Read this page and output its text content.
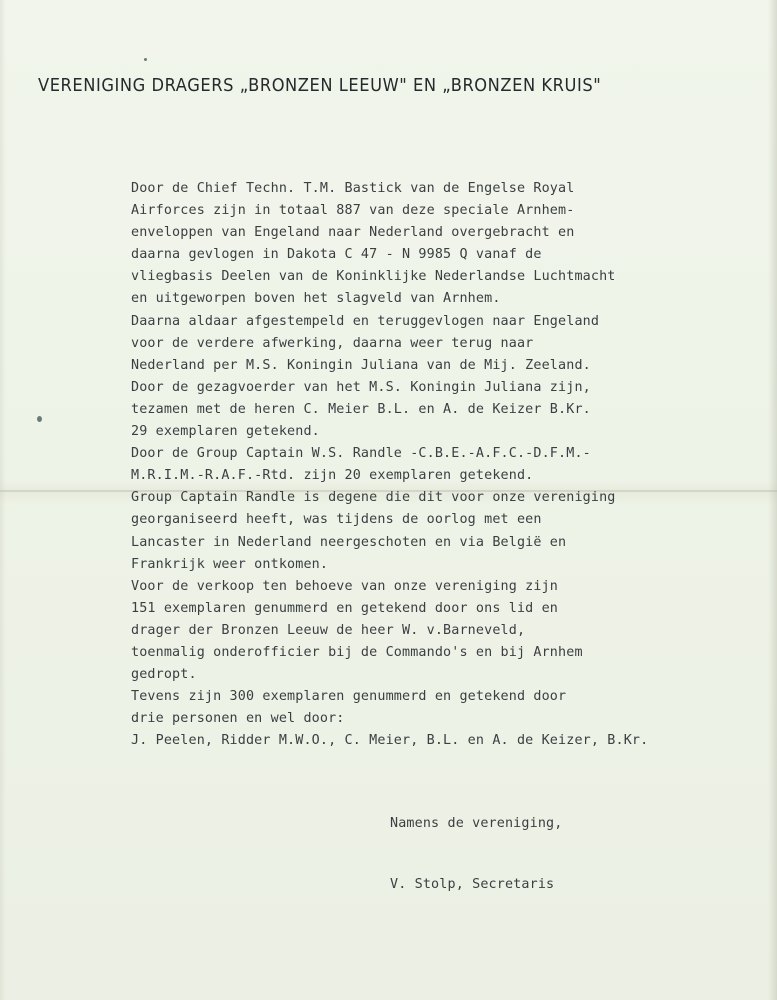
VERENIGING DRAGERS „BRONZEN LEEUW" EN „BRONZEN KRUIS"
Door de Chief Techn. T.M. Bastick van de Engelse Royal
Airforces zijn in totaal 887 van deze speciale Arnhem-
enveloppen van Engeland naar Nederland overgebracht en
daarna gevlogen in Dakota C 47 - N 9985 Q vanaf de
vliegbasis Deelen van de Koninklijke Nederlandse Luchtmacht
en uitgeworpen boven het slagveld van Arnhem.
Daarna aldaar afgestempeld en teruggevlogen naar Engeland
voor de verdere afwerking, daarna weer terug naar
Nederland per M.S. Koningin Juliana van de Mij. Zeeland.
Door de gezagvoerder van het M.S. Koningin Juliana zijn,
tezamen met de heren C. Meier B.L. en A. de Keizer B.Kr.
29 exemplaren getekend.
Door de Group Captain W.S. Randle -C.B.E.-A.F.C.-D.F.M.-
M.R.I.M.-R.A.F.-Rtd. zijn 20 exemplaren getekend.
Group Captain Randle is degene die dit voor onze vereniging
georganiseerd heeft, was tijdens de oorlog met een
Lancaster in Nederland neergeschoten en via België en
Frankrijk weer ontkomen.
Voor de verkoop ten behoeve van onze vereniging zijn
151 exemplaren genummerd en getekend door ons lid en
drager der Bronzen Leeuw de heer W. v.Barneveld,
toenmalig onderofficier bij de Commando's en bij Arnhem
gedropt.
Tevens zijn 300 exemplaren genummerd en getekend door
drie personen en wel door:
J. Peelen, Ridder M.W.O., C. Meier, B.L. en A. de Keizer, B.Kr.
Namens de vereniging,
V. Stolp, Secretaris
